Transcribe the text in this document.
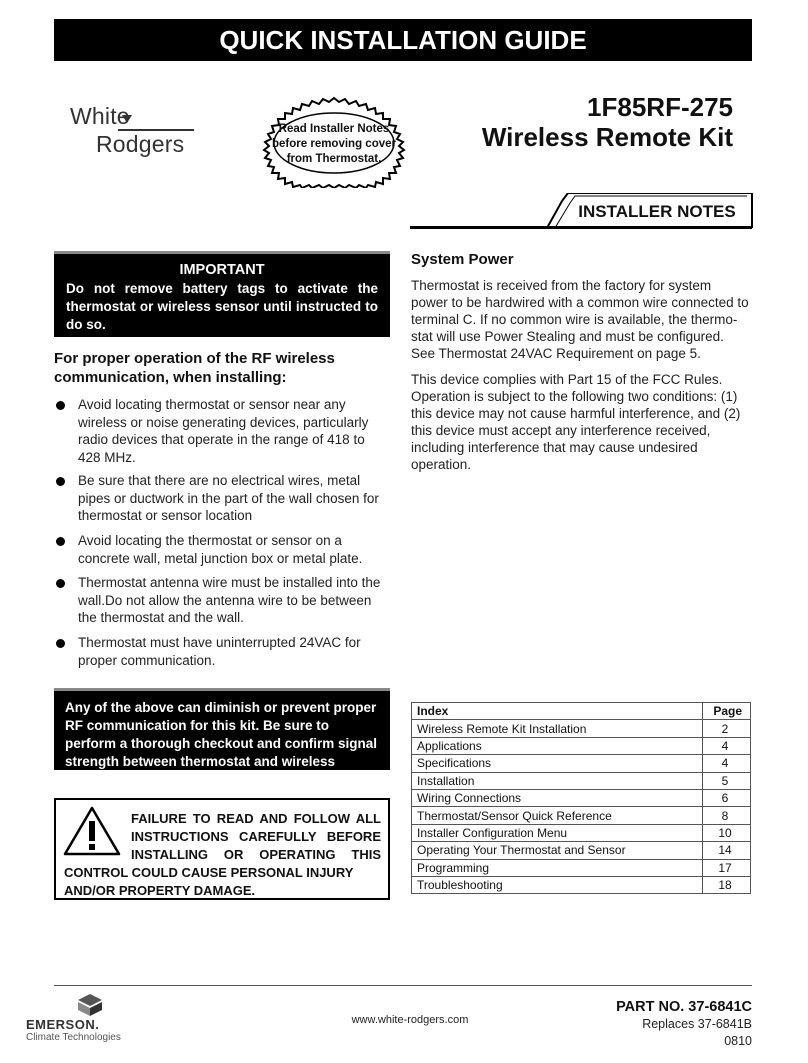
QUICK INSTALLATION GUIDE
White
Rodgers
Read Installer Notes
before removing cover
from Thermostat.
1F85RF-275
Wireless Remote Kit
INSTALLER NOTES
IMPORTANT
Do not remove battery tags to activate the thermostat or wireless sensor until instructed to do so.
For proper operation of the RF wireless communication, when installing:
Avoid locating thermostat or sensor near any wireless or noise generating devices, particularly radio devices that operate in the range of 418 to 428 MHz.
Be sure that there are no electrical wires, metal pipes or ductwork in the part of the wall chosen for thermostat or sensor location
Avoid locating the thermostat or sensor on a concrete wall, metal junction box or metal plate.
Thermostat antenna wire must be installed into the wall.Do not allow the antenna wire to be between the thermostat and the wall.
Thermostat must have uninterrupted 24VAC for proper communication.
Any of the above can diminish or prevent proper RF communication for this kit. Be sure to perform a thorough checkout and confirm signal strength between thermostat and wireless sensor.
FAILURE TO READ AND FOLLOW ALL
INSTRUCTIONS CAREFULLY BEFORE
INSTALLING OR OPERATING THIS
CONTROL COULD CAUSE PERSONAL INJURY
AND/OR PROPERTY DAMAGE.
System Power
Thermostat is received from the factory for system power to be hardwired with a common wire connected to terminal C. If no common wire is available, the thermo-stat will use Power Stealing and must be configured. See Thermostat 24VAC Requirement on page 5.
This device complies with Part 15 of the FCC Rules. Operation is subject to the following two conditions: (1) this device may not cause harmful interference, and (2) this device must accept any interference received, including interference that may cause undesired operation.
Index	Page
Wireless Remote Kit Installation	2
Applications	4
Specifications	4
Installation	5
Wiring Connections	6
Thermostat/Sensor Quick Reference	8
Installer Configuration Menu	10
Operating Your Thermostat and Sensor	14
Programming	17
Troubleshooting	18
EMERSON.
Climate Technologies
www.white-rodgers.com
PART NO. 37-6841C
Replaces 37-6841B
0810
